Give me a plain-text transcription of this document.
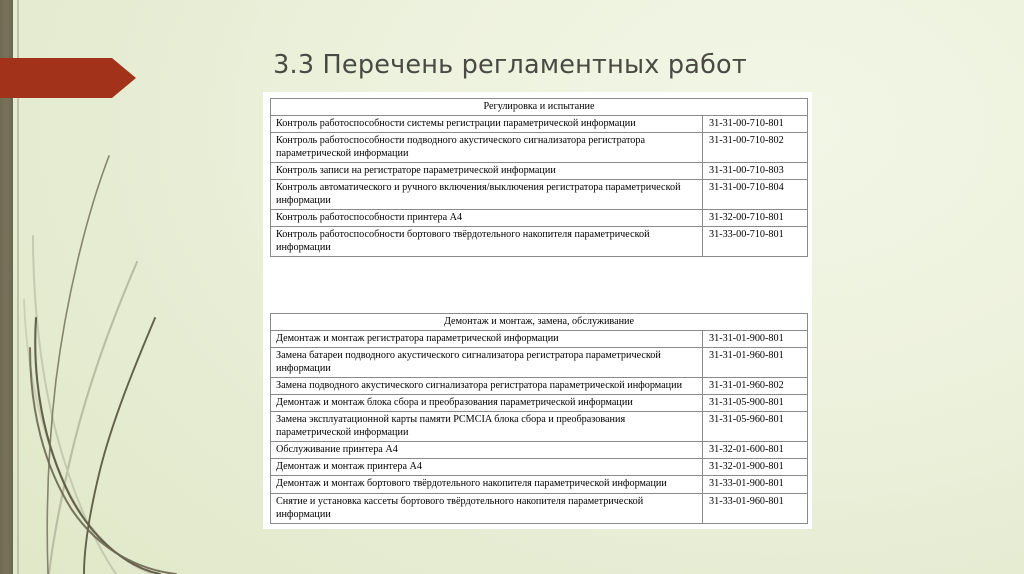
3.3 Перечень регламентных работ
Регулировка и испытание	
Контроль работоспособности системы регистрации параметрической информации	31-31-00-710-801
Контроль работоспособности подводного акустического сигнализатора регистратора параметрической информации	31-31-00-710-802
Контроль записи на регистраторе параметрической информации	31-31-00-710-803
Контроль автоматического и ручного включения/выключения регистратора параметрической информации	31-31-00-710-804
Контроль работоспособности принтера А4	31-32-00-710-801
Контроль работоспособности бортового твёрдотельного накопителя параметрической информации	31-33-00-710-801
Демонтаж и монтаж, замена, обслуживание	
Демонтаж и монтаж регистратора параметрической информации	31-31-01-900-801
Замена батареи подводного акустического сигнализатора регистратора параметрической информации	31-31-01-960-801
Замена подводного акустического сигнализатора регистратора параметрической информации	31-31-01-960-802
Демонтаж и монтаж блока сбора и преобразования параметрической информации	31-31-05-900-801
Замена эксплуатационной карты памяти PCMCIA блока сбора и преобразования параметрической информации	31-31-05-960-801
Обслуживание принтера А4	31-32-01-600-801
Демонтаж и монтаж принтера А4	31-32-01-900-801
Демонтаж и монтаж бортового твёрдотельного накопителя параметрической информации	31-33-01-900-801
Снятие и установка кассеты бортового твёрдотельного накопителя параметрической информации	31-33-01-960-801
